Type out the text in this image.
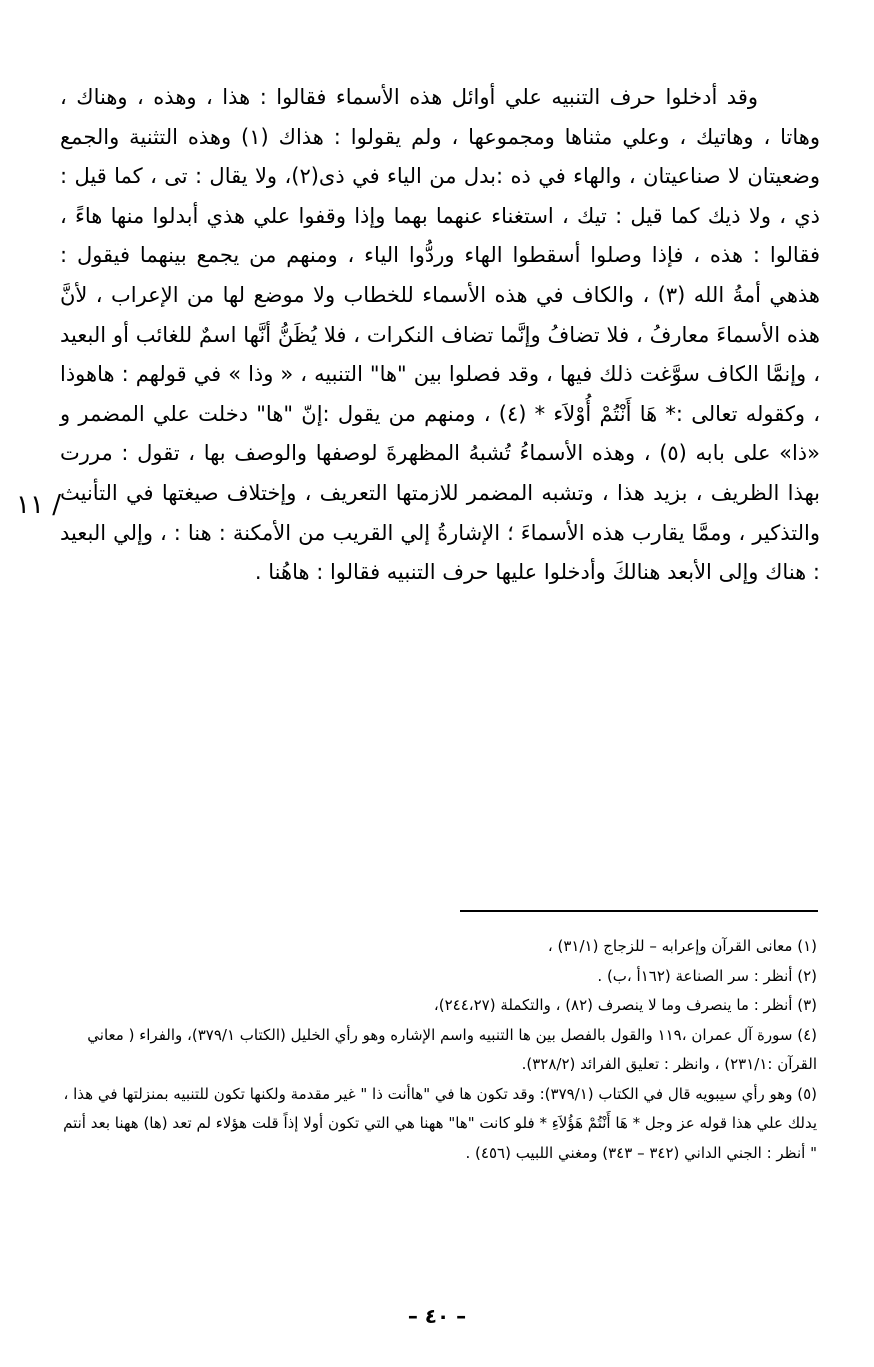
وقد أدخلوا حرف التنبيه علي أوائل هذه الأسماء فقالوا : هذا ، وهذه ، وهناك ، وهاتا ، وهاتيك ، وعلي مثناها ومجموعها ، ولم يقولوا : هذاك (١) وهذه التثنية والجمع وضعيتان لا صناعيتان ، والهاء في ذه :بدل من الياء في ذى(٢)، ولا يقال : تى ، كما قيل : ذي ، ولا ذيك كما قيل : تيك ، استغناء عنهما بهما وإذا وقفوا علي هذي أبدلوا منها هاءً ، فقالوا : هذه ، فإذا وصلوا أسقطوا الهاء وردُّوا الياء ، ومنهم من يجمع بينهما فيقول : هذهي أمةُ الله (٣) ، والكاف في هذه الأسماء للخطاب ولا موضع لها من الإعراب ، لأنَّ هذه الأسماءَ معارفُ ، فلا تضافُ وإنَّما تضاف النكرات ، فلا يُظَنُّ أنَّها اسمٌ للغائب أو البعيد ، وإنمَّا الكاف سوَّغت ذلك فيها ، وقد فصلوا بين "ها" التنبيه ، « وذا » في قولهم : هاهوذا ، وكقوله تعالى :* هَا أَنْتُمْ أُوْلاَء * (٤) ، ومنهم من يقول :إنّ "ها" دخلت علي المضمر و «ذا» على بابه (٥) ، وهذه الأسماءُ تُشبهُ المظهرةَ لوصفها والوصف بها ، تقول : مررت بهذا الظريف ، بزيد هذا ، وتشبه المضمر للازمتها التعريف ، وإختلاف صيغتها في التأنيث والتذكير ، وممَّا يقارب هذه الأسماءَ ؛ الإشارةُ إلي القريب من الأمكنة : هنا : ، وإلي البعيد : هناك وإلى الأبعد هنالكَ وأدخلوا عليها حرف التنبيه فقالوا : هاهُنا .

١١ /
(١) معانى القرآن وإعرابه – للزجاج (٣١/١) ،
(٢) أنظر : سر الصناعة (١٦٢أ ،ب) .
(٣) أنظر : ما ينصرف وما لا ينصرف (٨٢) ، والتكملة (٢٤٤،٢٧)،
(٤) سورة آل عمران ،١١٩ والقول بالفصل بين ها التنبيه واسم الإشاره وهو رأي الخليل (الكتاب ٣٧٩/١)، والفراء ( معاني القرآن :٢٣١/١) ، وانظر : تعليق الفرائد (٣٢٨/٢).
(٥) وهو رأي سيبويه قال في الكتاب (٣٧٩/١): وقد تكون ها في "هاأنت ذا " غير مقدمة ولكنها تكون للتنبيه بمنزلتها في هذا ، يدلك علي هذا قوله عز وجل * هَا أَنْتُمْ هَؤُلاَءِ * فلو كانت "ها" ههنا هي التي تكون أولا إذاً قلت هؤلاء لم تعد (ها) ههنا بعد أنتم " أنظر : الجني الداني (٣٤٢ – ٣٤٣) ومغني اللبيب (٤٥٦) .
– ٤٠ –
